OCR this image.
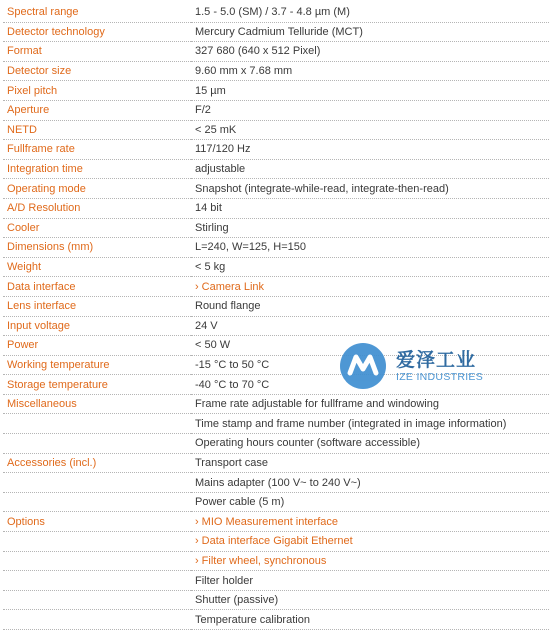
Spectral range	1.5 - 5.0 (SM) / 3.7 - 4.8 µm (M)
Detector technology	Mercury Cadmium Telluride (MCT)
Format	327 680 (640 x 512 Pixel)
Detector size	9.60 mm x 7.68 mm
Pixel pitch	15 µm
Aperture	F/2
NETD	< 25 mK
Fullframe rate	117/120 Hz
Integration time	adjustable
Operating mode	Snapshot (integrate-while-read, integrate-then-read)
A/D Resolution	14 bit
Cooler	Stirling
Dimensions (mm)	L=240, W=125, H=150
Weight	< 5 kg
Data interface	› Camera Link
Lens interface	Round flange
Input voltage	24 V
Power	< 50 W
Working temperature	-15 °C to 50 °C
Storage temperature	-40 °C to 70 °C
Miscellaneous	Frame rate adjustable for fullframe and windowing
	Time stamp and frame number (integrated in image information)
	Operating hours counter (software accessible)
Accessories (incl.)	Transport case
	Mains adapter (100 V~ to 240 V~)
	Power cable (5 m)
Options	› MIO Measurement interface
	› Data interface Gigabit Ethernet
	› Filter wheel, synchronous
	Filter holder
	Shutter (passive)
	Temperature calibration
爱泽工业
IZE INDUSTRIES
